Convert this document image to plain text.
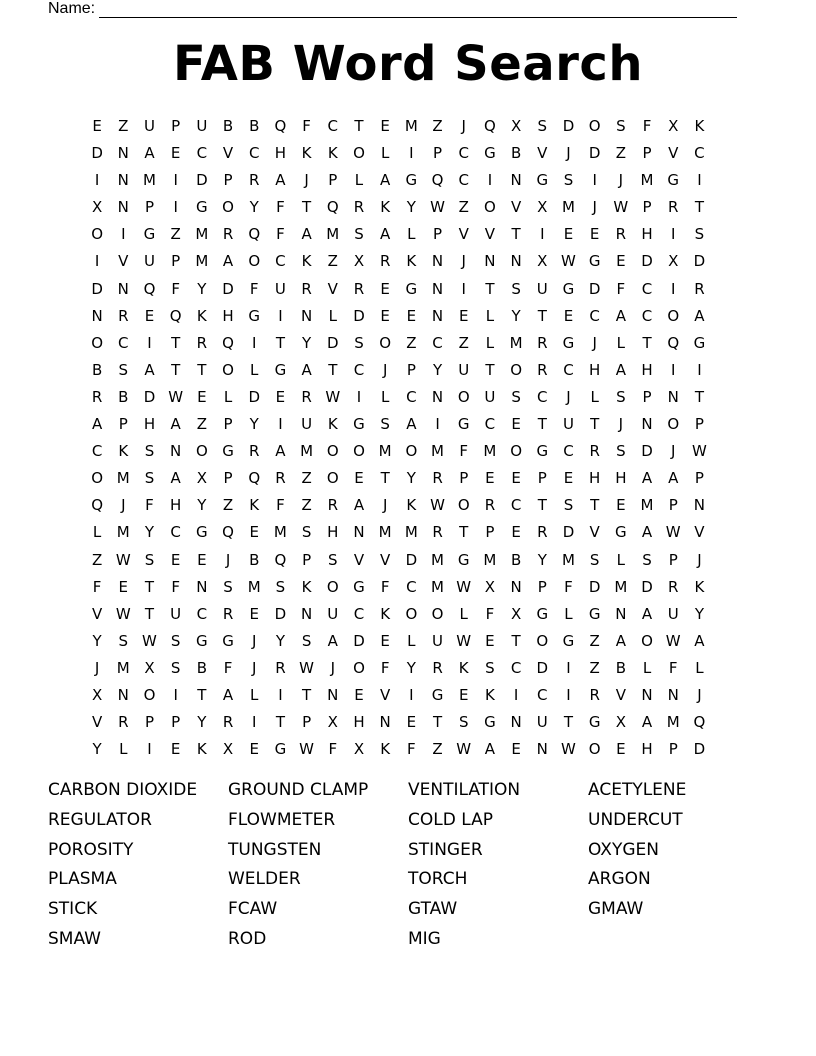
Name:
FAB Word Search
E	Z	U	P	U	B	B	Q	F	C	T	E M Z	J	Q	X	S	D O	S	F	X	K
D N	A	E	C	V	C	H	K	K	O	L	I	P	C	G	B	V	J	D	Z	P	V	C
I	N M	I	D	P	R	A	J	P	L	A	G Q	C	I	N G	S	I	J	M G	I
X	N	P	I	G O	Y	F	T	Q	R	K	Y W Z	O	V	X M	J	W P	R	T
O	I	G	Z M R	Q	F	A M S	A	L	P	V	V	T	I	E	E	R	H	I	S
I	V	U	P	M A	O	C	K	Z	X	R	K	N	J	N N	X W G	E	D	X	D
D N Q	F	Y	D	F	U	R	V	R	E	G N	I	T	S	U G D	F	C	I	R
N	R	E	Q	K	H G	I	N	L	D	E	E	N	E	L	Y	T	E	C	A	C	O	A
O	C	I	T	R	Q	I	T	Y	D	S	O	Z	C	Z	L	M R	G	J	L	T	Q G
B	S	A	T	T	O	L	G	A	T	C	J	P	Y	U	T	O	R	C	H	A	H	I	I
R	B	D W E	L	D	E	R W	I	L	C	N O U	S	C	J	L	S	P	N	T
A	P	H	A	Z	P	Y	I	U	K	G	S	A	I	G	C	E	T	U	T	J	N O	P
C	K	S	N O G	R	A M O O M O M	F	M O G	C	R	S	D	J	W
O M S	A	X	P	Q	R	Z	O	E	T	Y	R	P	E	E	P	E	H H	A	A	P
Q	J	F	H	Y	Z	K	F	Z	R	A	J	K W O	R	C	T	S	T	E M	P	N
L	M	Y	C	G Q	E M S	H N M M R	T	P	E	R	D	V	G	A W V
Z W S	E	E	J	B	Q	P	S	V	V	D M G M B	Y	M S	L	S	P	J
F	E	T	F	N	S M S	K	O G	F	C M W X	N	P	F	D M D	R	K
V W T	U	C	R	E	D N	U	C	K	O O	L	F	X	G	L	G N	A	U	Y
Y	S W S	G G	J	Y	S	A	D	E	L	U W E	T	O G	Z	A	O W A
J	M X	S	B	F	J	R W	J	O	F	Y	R	K	S	C	D	I	Z	B	L	F	L
X	N O	I	T	A	L	I	T	N	E	V	I	G	E	K	I	C	I	R	V	N N	J
V	R	P	P	Y	R	I	T	P	X	H N	E	T	S	G N	U	T	G	X	A M Q
Y	L	I	E	K	X	E	G W F	X	K	F	Z W A	E	N W O	E	H	P	D
CARBON DIOXIDE	GROUND CLAMP	VENTILATION	ACETYLENE
REGULATOR	FLOWMETER	COLD LAP	UNDERCUT
POROSITY	TUNGSTEN	STINGER	OXYGEN
PLASMA	WELDER	TORCH	ARGON
STICK	FCAW	GTAW	GMAW
SMAW	ROD	MIG
